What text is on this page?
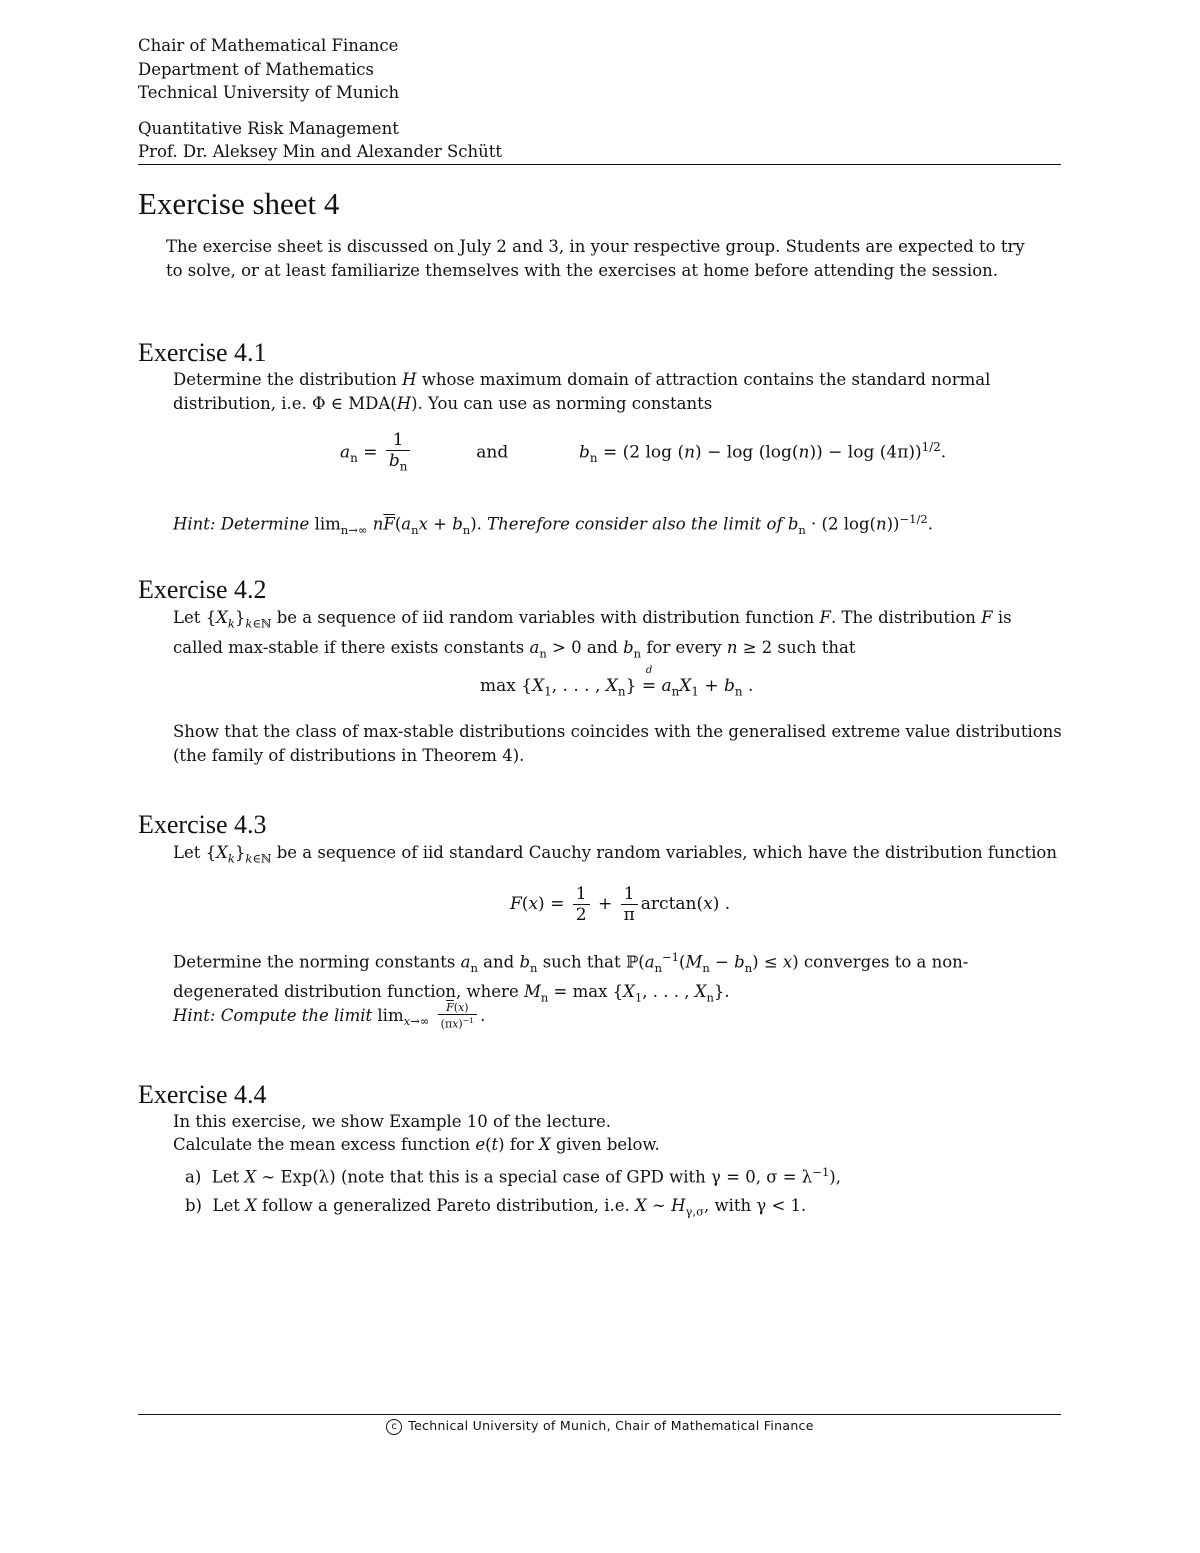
Chair of Mathematical Finance
Department of Mathematics
Technical University of Munich
Quantitative Risk Management
Prof. Dr. Aleksey Min and Alexander Schütt
Exercise sheet 4
The exercise sheet is discussed on July 2 and 3, in your respective group. Students are expected to try to solve, or at least familiarize themselves with the exercises at home before attending the session.
Exercise 4.1
Determine the distribution H whose maximum domain of attraction contains the standard normal distribution, i.e. Φ ∈ MDA(H). You can use as norming constants
$a_n = \frac{1}{b_n}$	and	$b_n = (2$ log (n) − log (log(n)) − log (4π))$^{1/2}$.
Hint: Determine $\lim_{n\to\infty} n\overline{F}(a_nx + b_n)$. Therefore consider also the limit of $b_n \cdot (2$ log(n))$^{-1/2}$.
Exercise 4.2
Let $\{X_k\}_{k\in ℕ}$ be a sequence of iid random variables with distribution function F. The distribution F is called max-stable if there exists constants $a_n > 0$ and $b_n$ for every n ≥ 2 such that
$\max \{X_1$, . . . , $X_n$} =
d
$a_nX_1 + b_n$ .
Show that the class of max-stable distributions coincides with the generalised extreme value distributions (the family of distributions in Theorem 4).
Exercise 4.3
Let $\{X_k\}_{k\in ℕ}$ be a sequence of iid standard Cauchy random variables, which have the distribution function
$F(x) = \frac{1}{2} + \frac{1}{\pi} \arctan(x)$ .
Determine the norming constants $a_n$ and $b_n$ such that $ℙ(a_n^{-1}(M_n - b_n) \le x)$ converges to a non-degenerated distribution function, where $M_n = \max \{X_1$, . . . , $X_n$}.
Hint: Compute the limit $\lim_{x\to\infty} \frac{\overline{F}(x)}{(\pi x)^{-1}}$ .
Exercise 4.4
In this exercise, we show Example 10 of the lecture.
Calculate the mean excess function e(t) for X given below.
a) Let X ∼ Exp(λ) (note that this is a special case of GPD with γ = 0, $\sigma = \lambda^{-1}$),
b) Let X follow a generalized Pareto distribution, i.e. X ∼ $H_{\gamma,\sigma}$, with γ < 1.
c Technical University of Munich, Chair of Mathematical Finance
